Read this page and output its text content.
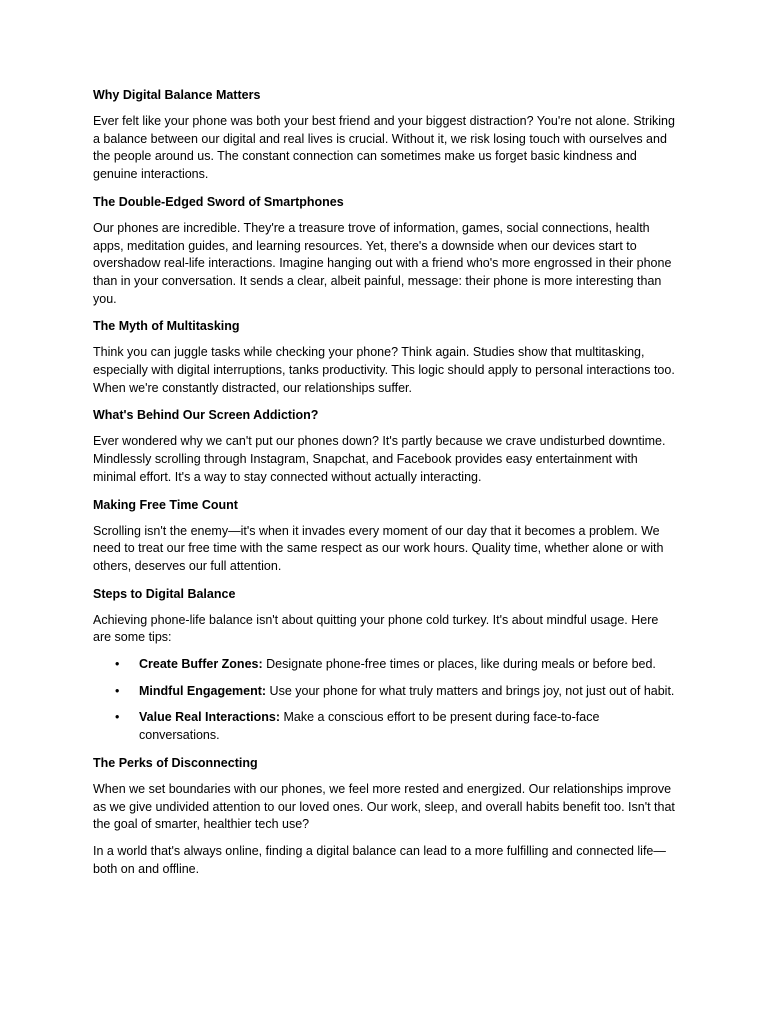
Why Digital Balance Matters

Ever felt like your phone was both your best friend and your biggest distraction? You're not alone. Striking a balance between our digital and real lives is crucial. Without it, we risk losing touch with ourselves and the people around us. The constant connection can sometimes make us forget basic kindness and genuine interactions.

The Double-Edged Sword of Smartphones

Our phones are incredible. They're a treasure trove of information, games, social connections, health apps, meditation guides, and learning resources. Yet, there's a downside when our devices start to overshadow real-life interactions. Imagine hanging out with a friend who's more engrossed in their phone than in your conversation. It sends a clear, albeit painful, message: their phone is more interesting than you.

The Myth of Multitasking

Think you can juggle tasks while checking your phone? Think again. Studies show that multitasking, especially with digital interruptions, tanks productivity. This logic should apply to personal interactions too. When we're constantly distracted, our relationships suffer.

What's Behind Our Screen Addiction?

Ever wondered why we can't put our phones down? It's partly because we crave undisturbed downtime. Mindlessly scrolling through Instagram, Snapchat, and Facebook provides easy entertainment with minimal effort. It's a way to stay connected without actually interacting.

Making Free Time Count

Scrolling isn't the enemy—it's when it invades every moment of our day that it becomes a problem. We need to treat our free time with the same respect as our work hours. Quality time, whether alone or with others, deserves our full attention.

Steps to Digital Balance

Achieving phone-life balance isn't about quitting your phone cold turkey. It's about mindful usage. Here are some tips:

• Create Buffer Zones: Designate phone-free times or places, like during meals or before bed.
• Mindful Engagement: Use your phone for what truly matters and brings joy, not just out of habit.
• Value Real Interactions: Make a conscious effort to be present during face-to-face conversations.
The Perks of Disconnecting

When we set boundaries with our phones, we feel more rested and energized. Our relationships improve as we give undivided attention to our loved ones. Our work, sleep, and overall habits benefit too. Isn't that the goal of smarter, healthier tech use?

In a world that's always online, finding a digital balance can lead to a more fulfilling and connected life—both on and offline.
